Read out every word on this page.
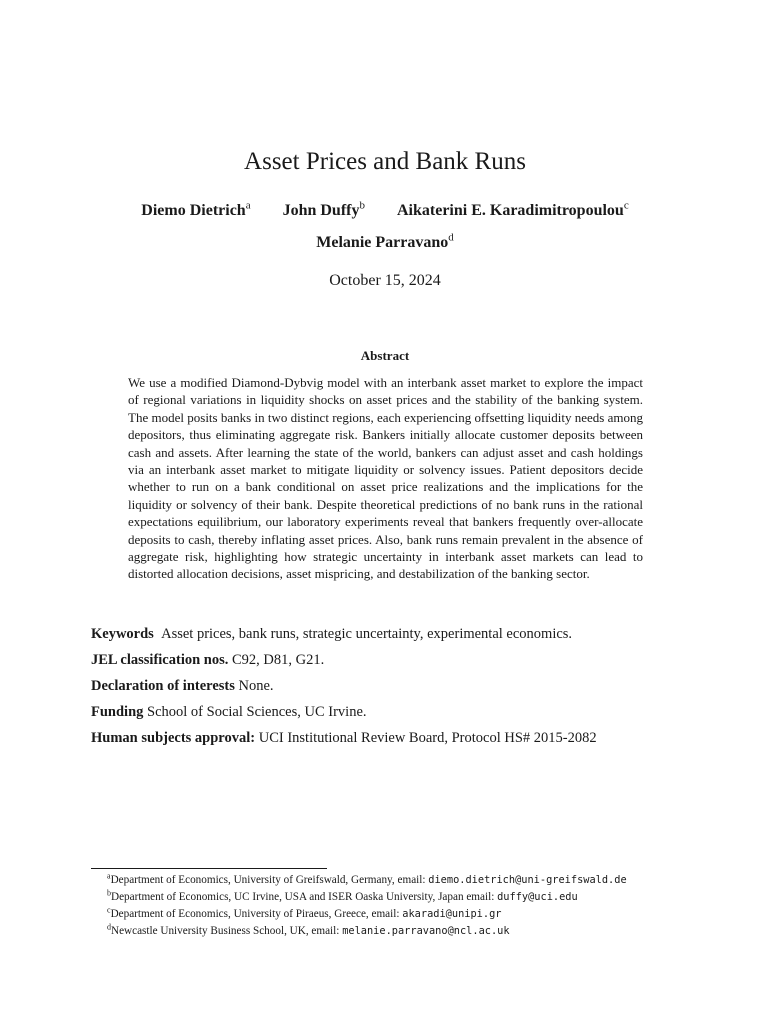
Asset Prices and Bank Runs
Diemo Dietrich$^a$ John Duffy$^b$ Aikaterini E. Karadimitropoulou$^c$
Melanie Parravano$^d$
October 15, 2024
Abstract
We use a modified Diamond-Dybvig model with an interbank asset market to explore the impact of regional variations in liquidity shocks on asset prices and the stability of the banking system. The model posits banks in two distinct regions, each experiencing offsetting liquidity needs among depositors, thus eliminating aggregate risk. Bankers initially allocate customer deposits between cash and assets. After learning the state of the world, bankers can adjust asset and cash holdings via an interbank asset market to mitigate liquidity or solvency issues. Patient depositors decide whether to run on a bank conditional on asset price realizations and the implications for the liquidity or solvency of their bank. Despite theoretical predictions of no bank runs in the rational expectations equilibrium, our laboratory experiments reveal that bankers frequently over-allocate deposits to cash, thereby inflating asset prices. Also, bank runs remain prevalent in the absence of aggregate risk, highlighting how strategic uncertainty in interbank asset markets can lead to distorted allocation decisions, asset mispricing, and destabilization of the banking sector.
Keywords Asset prices, bank runs, strategic uncertainty, experimental economics.
JEL classification nos. C92, D81, G21.
Declaration of interests None.
Funding School of Social Sciences, UC Irvine.
Human subjects approval: UCI Institutional Review Board, Protocol HS# 2015-2082
$^a$Department of Economics, University of Greifswald, Germany, email: diemo.dietrich@uni-greifswald.de
$^b$Department of Economics, UC Irvine, USA and ISER Oaska University, Japan email: duffy@uci.edu
$^c$Department of Economics, University of Piraeus, Greece, email: akaradi@unipi.gr
$^d$Newcastle University Business School, UK, email: melanie.parravano@ncl.ac.uk
